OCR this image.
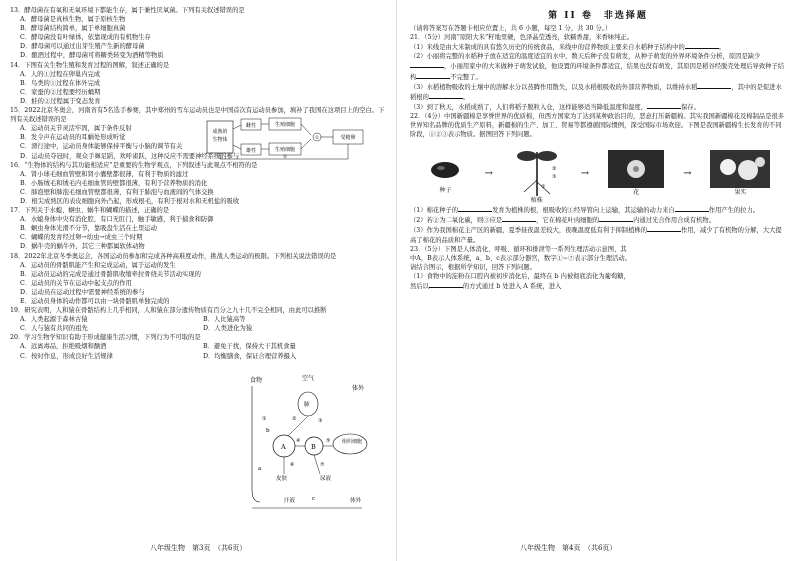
13．酵母菌在有氧和无氧环境下都能生存，属于兼性厌氧菌。下列有关叙述错误的是

A．酵母菌是真核生物，属于原核生物
B．酵母菌结构简单，属于单细胞真菌
C．酵母菌没有叶绿体，依靠现成的有机物生存
D．酵母菌可以通过出芽生殖产生新的酵母菌
D．酿酒过程中，酵母菌可将糖类转变为酒精等物质

14．下图有关生物生殖和发育过程的图解，叙述正确的是

A．人的①过程在卵巢内完成
B．鸟类的①过程在体外完成
C．家蚕的②过程要经历蛹期
D．蛙的②过程属于变态发育

15．2022北京冬奥会，河南省有5名选手参赛，其中郑州的雪车运动员也是中国首次有运动员参加，填补了我国在这项目上的空白。下列有关叙述错误的是

A．运动员关节灵活牢固，属于条件反射
B．发令声在运动员的耳蜗处形成听觉
C．滑行途中，运动员身体能够保持平衡与小脑的调节有关
D．运动员夺冠时，观众手舞足蹈，欢呼雀跃，这种反应不需要神经系统的参与

16．“生物体的结构与其功能相适应”是重要的生物学观点，下列叙述与此观点不相符的是

A．肾小球毛细血管壁和肾小囊壁都很薄，有利于物质的滤过
B．小肠绒毛和绒毛内毛细血管的壁都很薄，有利于营养物质的消化
C．肺泡壁和肺泡毛细血管壁都很薄，有利于肺泡与血液间的气体交换
D．根尖成熟区的表皮细胞向外凸起，形成根毛，有利于根对水和无机盐的吸收

17．下列关于水螅、蛔虫、蜗牛和蝴蝶的描述，正确的是

A．水螅身体中央有消化腔，有口无肛门，触手敏感，利于捕食和防御
B．蛔虫身体光滑不分节，靠吸盘生活在土里运动
C．蝴蝶的发育经过卵→幼虫→成虫三个时期
D．蜗牛壳的蜗牛外，其它三种都属软体动物

18．2022年北京冬季奥运会，各国运动员参加和完成各种高难度动作，挑战人类运动的极限。下列相关说法错误的是

A．运动员的骨骼肌能产生和完成运动，属于运动的发生
B．运动员运动的完成是通过骨骼肌收缩牵拉骨绕关节活动实现的
C．运动员的关节在运动中起支点的作用
D．运动员在运动过程中需要神经系统的参与
E．运动员身体的动作都可以由一块骨骼肌单独完成的

19．研究表明，人和猿在骨骼结构上几乎相同，人和猿在部分遗传物质有百分之九十几不完全相同，由此可以推断

A．人类起源于森林古猿	B．人比猿高等
C．人与猿有共同的祖先	D．人类进化为猿

20．学习生物学知识有助于形成健康生活习惯，下列行为不可取的是

A．远离毒品，拒绝吸烟和酗酒	B．避免干扰，保持大干其机食量
C．按时作息，形成良好生活规律	D．均衡膳食，保证合理营养摄入
成熟的
生物体
雌性
雄性
生殖细胞
生殖细胞
①	受精卵
②
八年级生物　第3页　（共6页）
第 II 卷　非选择题

（请将答案写在答题卡相应位置上，共 6 小题，每空 1 分，共 30 分。）

21．（5分）河南“原阳大米”籽地里硬，色泽晶莹透亮，软糯香甜，米香味纯正。

（1）米线是由大米制成的具有悠久历史的传统食品，米线中的营养物质主要来自水稻种子结构中的	。

（2）小丽将完整的水稻种子放在适宜的温度适宜的水中，数天后种子没有萌发，从种子萌发的外界环境条件分析，原因是缺少，小丽用家中的大米做种子萌发试验，他设置的环境条件都适宜，结果也没有萌发，其原因是稻谷经脱壳处理后导致种子结构	不完整了。

（3）水稻植物吸收的土壤中的溶解水分以蒸腾作用散失，以及水稻根吸收的外部营养物质，以维持水稻	，其中的是促进水稻根的	。

（3）到了秋天，水稻成熟了，人们将稻子脱粒入仓，这样能够适当降低温度和湿度，	保存。

22．（4分）中国新疆棉是享誉世界的优质棉，但西方国家为了达到某种政治目的，恶意打压新疆棉。其实我国新疆棉花及棉制品是很多世界知名品牌的优质生产原料，新疆棉的生产、加工、贸易等都遵循国际惯例，深受国际市场欢迎。下图是我国新疆棉生长发育的不同阶段，①②③表示物质。据图回答下列问题。

种子
→	②
③
①
植株
→
花
→
果实

（1）棉花种子的	发育为植株的根，根吸收的①经导管向上运输，其运输的动力来自	作用产生的拉力。

（2）若②为二氧化碳，则③应是	，它在棉花叶肉细胞的	内通过光合作用合成有机物。

（3）作为我国棉花主产区的新疆，夏季昼夜温差较大，夜晚温度低有利于抑制植株的	作用，减少了有机物的分解，大大提高了棉花的品质和产量。

23．（5分）下图是人体消化、呼吸、循环和排泄等一系列生理活动示意图，其中A，B表示人体系统，a、b、c表示部分器官，数字①~⑦表示部分生理活动。请结合图示，根据所学知识，回答下列问题。

（1）食物中的淀粉在口腔内被初步消化后，最终在 b 内被彻底消化为葡萄糖，然后以	的方式通过 b 处进入 A 系统，进入

食物	空气
体外
肺
A	B
组织细胞
皮肤	尿液
体外
汗液
a
b
c
①	②	③
④	⑤
⑥	⑦
八年级生物　第4页　（共6页）
